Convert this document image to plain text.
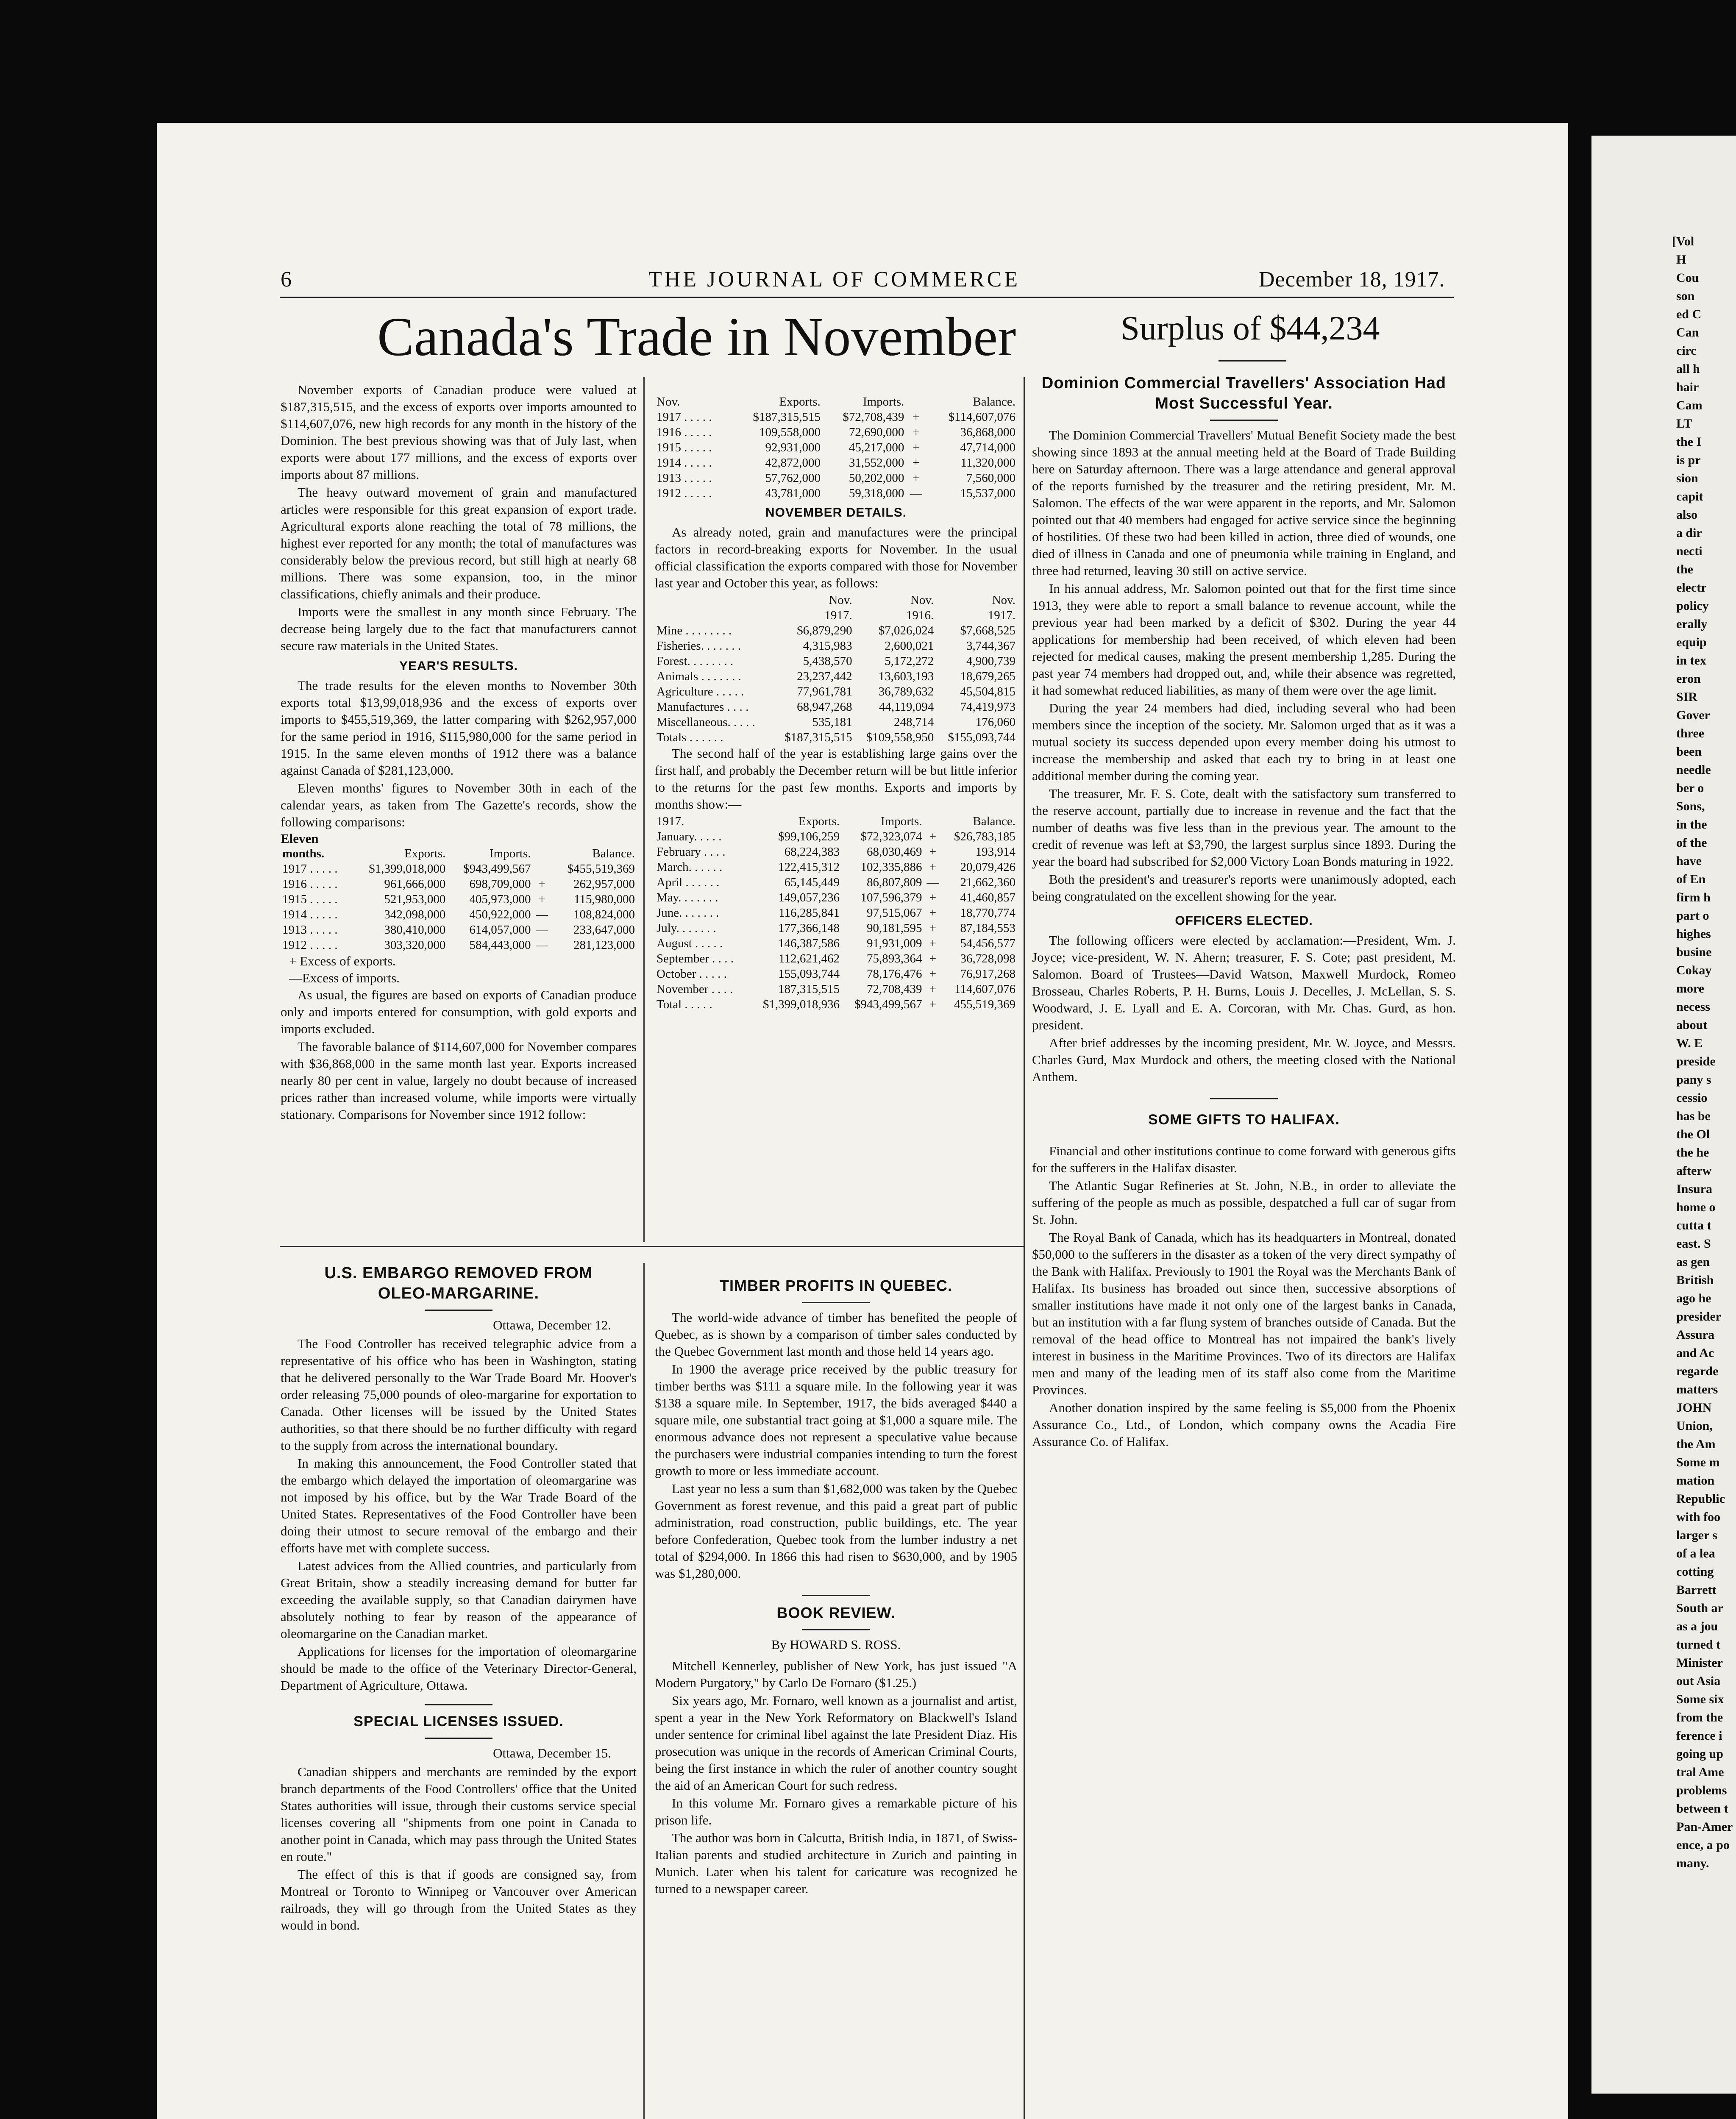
6	THE JOURNAL OF COMMERCE	December 18, 1917.
Canada's Trade in November	Surplus of $44,234

November exports of Canadian produce were valued at $187,315,515, and the excess of exports over imports amounted to $114,607,076, new high records for any month in the history of the Dominion. The best previous showing was that of July last, when exports were about 177 millions, and the excess of exports over imports about 87 millions.

The heavy outward movement of grain and manufactured articles were responsible for this great expansion of export trade. Agricultural exports alone reaching the total of 78 millions, the highest ever reported for any month; the total of manufactures was considerably below the previous record, but still high at nearly 68 millions. There was some expansion, too, in the minor classifications, chiefly animals and their produce.

Imports were the smallest in any month since February. The decrease being largely due to the fact that manufacturers cannot secure raw materials in the United States.

YEAR'S RESULTS.

The trade results for the eleven months to November 30th exports total $13,99,018,936 and the excess of exports over imports to $455,519,369, the latter comparing with $262,957,000 for the same period in 1916, $115,980,000 for the same period in 1915. In the same eleven months of 1912 there was a balance against Canada of $281,123,000.

Eleven months' figures to November 30th in each of the calendar years, as taken from The Gazette's records, show the following comparisons:

Eleven
months.	Exports.	Imports.		Balance.
1917 . . . . .	$1,399,018,000	$943,499,567		$455,519,369
1916 . . . . .	961,666,000	698,709,000	+	262,957,000
1915 . . . . .	521,953,000	405,973,000	+	115,980,000
1914 . . . . .	342,098,000	450,922,000	—	108,824,000
1913 . . . . .	380,410,000	614,057,000	—	233,647,000
1912 . . . . .	303,320,000	584,443,000	—	281,123,000
+ Excess of exports.
—Excess of imports.

As usual, the figures are based on exports of Canadian produce only and imports entered for consumption, with gold exports and imports excluded.

The favorable balance of $114,607,000 for November compares with $36,868,000 in the same month last year. Exports increased nearly 80 per cent in value, largely no doubt because of increased prices rather than increased volume, while imports were virtually stationary. Comparisons for November since 1912 follow:

Nov.	Exports.	Imports.		Balance.
1917 . . . . .	$187,315,515	$72,708,439	+	$114,607,076
1916 . . . . .	109,558,000	72,690,000	+	36,868,000
1915 . . . . .	92,931,000	45,217,000	+	47,714,000
1914 . . . . .	42,872,000	31,552,000	+	11,320,000
1913 . . . . .	57,762,000	50,202,000	+	7,560,000
1912 . . . . .	43,781,000	59,318,000	—	15,537,000
NOVEMBER DETAILS.

As already noted, grain and manufactures were the principal factors in record-breaking exports for November. In the usual official classification the exports compared with those for November last year and October this year, as follows:

	Nov.	Nov.	Nov.
	1917.	1916.	1917.
Mine . . . . . . . .	$6,879,290	$7,026,024	$7,668,525
Fisheries. . . . . . .	4,315,983	2,600,021	3,744,367
Forest. . . . . . . .	5,438,570	5,172,272	4,900,739
Animals . . . . . . .	23,237,442	13,603,193	18,679,265
Agriculture . . . . .	77,961,781	36,789,632	45,504,815
Manufactures . . . .	68,947,268	44,119,094	74,419,973
Miscellaneous. . . . .	535,181	248,714	176,060
Totals . . . . . .	$187,315,515	$109,558,950	$155,093,744

The second half of the year is establishing large gains over the first half, and probably the December return will be but little inferior to the returns for the past few months. Exports and imports by months show:—

1917.	Exports.	Imports.		Balance.
January. . . . .	$99,106,259	$72,323,074	+	$26,783,185
February . . . .	68,224,383	68,030,469	+	193,914
March. . . . . .	122,415,312	102,335,886	+	20,079,426
April . . . . . .	65,145,449	86,807,809	—	21,662,360
May. . . . . . .	149,057,236	107,596,379	+	41,460,857
June. . . . . . .	116,285,841	97,515,067	+	18,770,774
July. . . . . . .	177,366,148	90,181,595	+	87,184,553
August . . . . .	146,387,586	91,931,009	+	54,456,577
September . . . .	112,621,462	75,893,364	+	36,728,098
October . . . . .	155,093,744	78,176,476	+	76,917,268
November . . . .	187,315,515	72,708,439	+	114,607,076
Total . . . . .	$1,399,018,936	$943,499,567	+	455,519,369
Dominion Commercial Travellers' Association Had Most Successful Year.

The Dominion Commercial Travellers' Mutual Benefit Society made the best showing since 1893 at the annual meeting held at the Board of Trade Building here on Saturday afternoon. There was a large attendance and general approval of the reports furnished by the treasurer and the retiring president, Mr. M. Salomon. The effects of the war were apparent in the reports, and Mr. Salomon pointed out that 40 members had engaged for active service since the beginning of hostilities. Of these two had been killed in action, three died of wounds, one died of illness in Canada and one of pneumonia while training in England, and three had returned, leaving 30 still on active service.

In his annual address, Mr. Salomon pointed out that for the first time since 1913, they were able to report a small balance to revenue account, while the previous year had been marked by a deficit of $302. During the year 44 applications for membership had been received, of which eleven had been rejected for medical causes, making the present membership 1,285. During the past year 74 members had dropped out, and, while their absence was regretted, it had somewhat reduced liabilities, as many of them were over the age limit.

During the year 24 members had died, including several who had been members since the inception of the society. Mr. Salomon urged that as it was a mutual society its success depended upon every member doing his utmost to increase the membership and asked that each try to bring in at least one additional member during the coming year.

The treasurer, Mr. F. S. Cote, dealt with the satisfactory sum transferred to the reserve account, partially due to increase in revenue and the fact that the number of deaths was five less than in the previous year. The amount to the credit of revenue was left at $3,790, the largest surplus since 1893. During the year the board had subscribed for $2,000 Victory Loan Bonds maturing in 1922.

Both the president's and treasurer's reports were unanimously adopted, each being congratulated on the excellent showing for the year.

OFFICERS ELECTED.

The following officers were elected by acclamation:—President, Wm. J. Joyce; vice-president, W. N. Ahern; treasurer, F. S. Cote; past president, M. Salomon. Board of Trustees—David Watson, Maxwell Murdock, Romeo Brosseau, Charles Roberts, P. H. Burns, Louis J. Decelles, J. McLellan, S. S. Woodward, J. E. Lyall and E. A. Corcoran, with Mr. Chas. Gurd, as hon. president.

After brief addresses by the incoming president, Mr. W. Joyce, and Messrs. Charles Gurd, Max Murdock and others, the meeting closed with the National Anthem.

SOME GIFTS TO HALIFAX.

Financial and other institutions continue to come forward with generous gifts for the sufferers in the Halifax disaster.

The Atlantic Sugar Refineries at St. John, N.B., in order to alleviate the suffering of the people as much as possible, despatched a full car of sugar from St. John.

The Royal Bank of Canada, which has its headquarters in Montreal, donated $50,000 to the sufferers in the disaster as a token of the very direct sympathy of the Bank with Halifax. Previously to 1901 the Royal was the Merchants Bank of Halifax. Its business has broaded out since then, successive absorptions of smaller institutions have made it not only one of the largest banks in Canada, but an institution with a far flung system of branches outside of Canada. But the removal of the head office to Montreal has not impaired the bank's lively interest in business in the Maritime Provinces. Two of its directors are Halifax men and many of the leading men of its staff also come from the Maritime Provinces.

Another donation inspired by the same feeling is $5,000 from the Phoenix Assurance Co., Ltd., of London, which company owns the Acadia Fire Assurance Co. of Halifax.

U.S. EMBARGO REMOVED FROM OLEO-MARGARINE.
Ottawa, December 12.

The Food Controller has received telegraphic advice from a representative of his office who has been in Washington, stating that he delivered personally to the War Trade Board Mr. Hoover's order releasing 75,000 pounds of oleo-margarine for exportation to Canada. Other licenses will be issued by the United States authorities, so that there should be no further difficulty with regard to the supply from across the international boundary.

In making this announcement, the Food Controller stated that the embargo which delayed the importation of oleomargarine was not imposed by his office, but by the War Trade Board of the United States. Representatives of the Food Controller have been doing their utmost to secure removal of the embargo and their efforts have met with complete success.

Latest advices from the Allied countries, and particularly from Great Britain, show a steadily increasing demand for butter far exceeding the available supply, so that Canadian dairymen have absolutely nothing to fear by reason of the appearance of oleomargarine on the Canadian market.

Applications for licenses for the importation of oleomargarine should be made to the office of the Veterinary Director-General, Department of Agriculture, Ottawa.

SPECIAL LICENSES ISSUED.
Ottawa, December 15.

Canadian shippers and merchants are reminded by the export branch departments of the Food Controllers' office that the United States authorities will issue, through their customs service special licenses covering all "shipments from one point in Canada to another point in Canada, which may pass through the United States en route."

The effect of this is that if goods are consigned say, from Montreal or Toronto to Winnipeg or Vancouver over American railroads, they will go through from the United States as they would in bond.

TIMBER PROFITS IN QUEBEC.

The world-wide advance of timber has benefited the people of Quebec, as is shown by a comparison of timber sales conducted by the Quebec Government last month and those held 14 years ago.

In 1900 the average price received by the public treasury for timber berths was $111 a square mile. In the following year it was $138 a square mile. In September, 1917, the bids averaged $440 a square mile, one substantial tract going at $1,000 a square mile. The enormous advance does not represent a speculative value because the purchasers were industrial companies intending to turn the forest growth to more or less immediate account.

Last year no less a sum than $1,682,000 was taken by the Quebec Government as forest revenue, and this paid a great part of public administration, road construction, public buildings, etc. The year before Confederation, Quebec took from the lumber industry a net total of $294,000. In 1866 this had risen to $630,000, and by 1905 was $1,280,000.

BOOK REVIEW.
By HOWARD S. ROSS.

Mitchell Kennerley, publisher of New York, has just issued "A Modern Purgatory," by Carlo De Fornaro ($1.25.)

Six years ago, Mr. Fornaro, well known as a journalist and artist, spent a year in the New York Reformatory on Blackwell's Island under sentence for criminal libel against the late President Diaz. His prosecution was unique in the records of American Criminal Courts, being the first instance in which the ruler of another country sought the aid of an American Court for such redress.

In this volume Mr. Fornaro gives a remarkable picture of his prison life.

The author was born in Calcutta, British India, in 1871, of Swiss-Italian parents and studied architecture in Zurich and painting in Munich. Later when his talent for caricature was recognized he turned to a newspaper career.

[Vol
H
Cou
son
ed C
Can
circ
all h
hair
Cam
LT
the I
is pr
sion
capit
also
a dir
necti
the
electr
policy
erally
equip
in tex
eron
SIR
Gover
three
been
needle
ber o
Sons,
in the
of the
have
of En
firm h
part o
highes
busine
Cokay
more
necess
about
W. E
preside
pany s
cessio
has be
the Ol
the he
afterw
Insura
home o
cutta t
east. S
as gen
British
ago he
presider
Assura
and Ac
regarde
matters
JOHN
Union,
the Am
Some m
mation
Republic
with foo
larger s
of a lea
cotting
Barrett
South ar
as a jou
turned t
Minister
out Asia
Some six
from the
ference i
going up
tral Ame
problems
between t
Pan-Amer
ence, a po
many.
